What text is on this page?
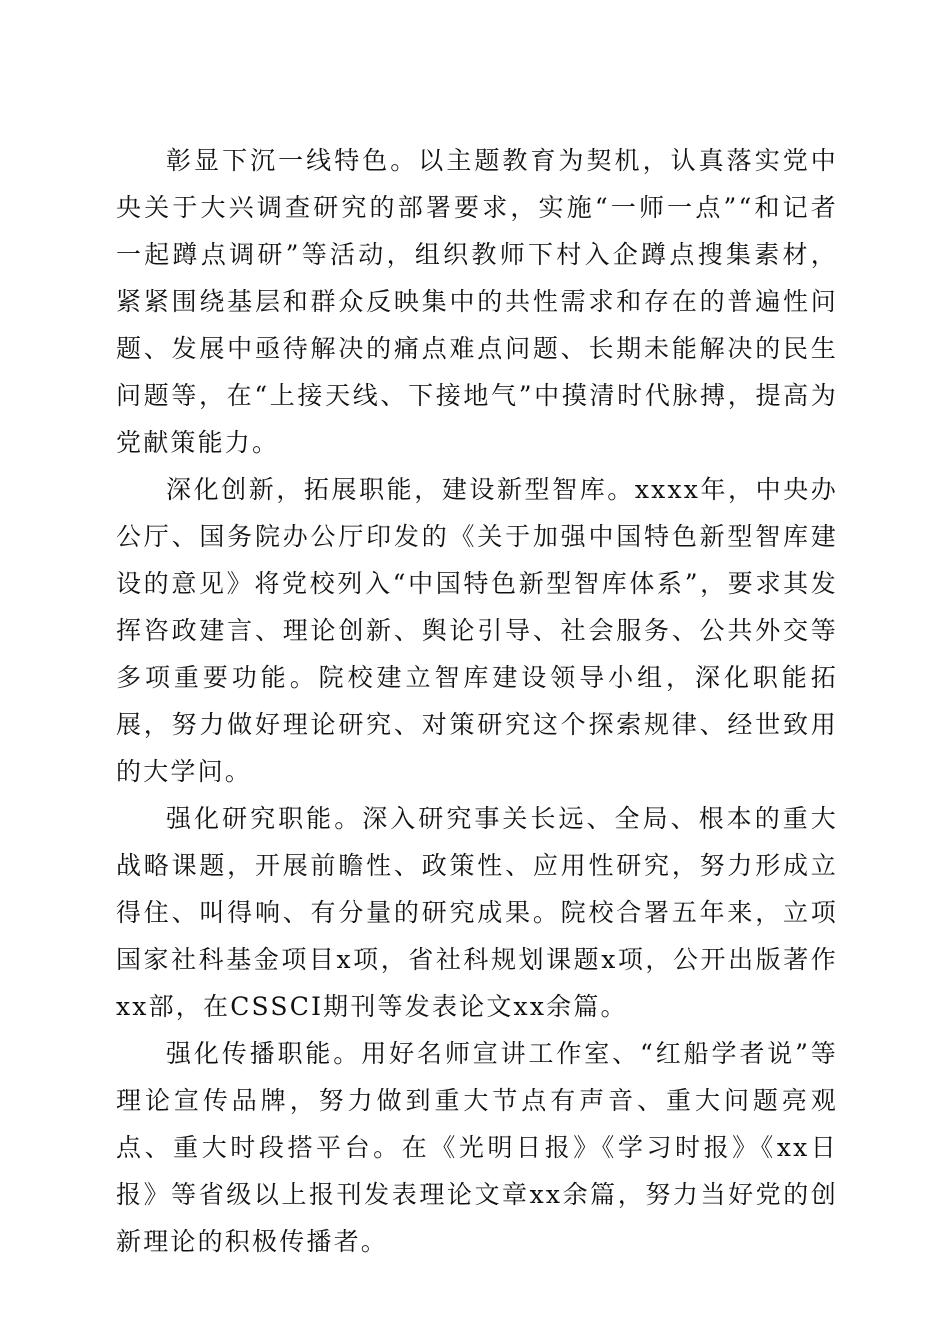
彰显下沉一线特色。以主题教育为契机，认真落实党中央关于大兴调查研究的部署要求，实施“一师一点”“和记者一起蹲点调研”等活动，组织教师下村入企蹲点搜集素材，紧紧围绕基层和群众反映集中的共性需求和存在的普遍性问题、发展中亟待解决的痛点难点问题、长期未能解决的民生问题等，在“上接天线、下接地气”中摸清时代脉搏，提高为党献策能力。

深化创新，拓展职能，建设新型智库。xxxx年，中央办公厅、国务院办公厅印发的《关于加强中国特色新型智库建设的意见》将党校列入“中国特色新型智库体系”，要求其发挥咨政建言、理论创新、舆论引导、社会服务、公共外交等多项重要功能。院校建立智库建设领导小组，深化职能拓展，努力做好理论研究、对策研究这个探索规律、经世致用的大学问。

强化研究职能。深入研究事关长远、全局、根本的重大战略课题，开展前瞻性、政策性、应用性研究，努力形成立得住、叫得响、有分量的研究成果。院校合署五年来，立项国家社科基金项目x项，省社科规划课题x项，公开出版著作xx部，在CSSCI期刊等发表论文xx余篇。

强化传播职能。用好名师宣讲工作室、“红船学者说”等理论宣传品牌，努力做到重大节点有声音、重大问题亮观点、重大时段搭平台。在《光明日报》《学习时报》《xx日报》等省级以上报刊发表理论文章xx余篇，努力当好党的创新理论的积极传播者。
